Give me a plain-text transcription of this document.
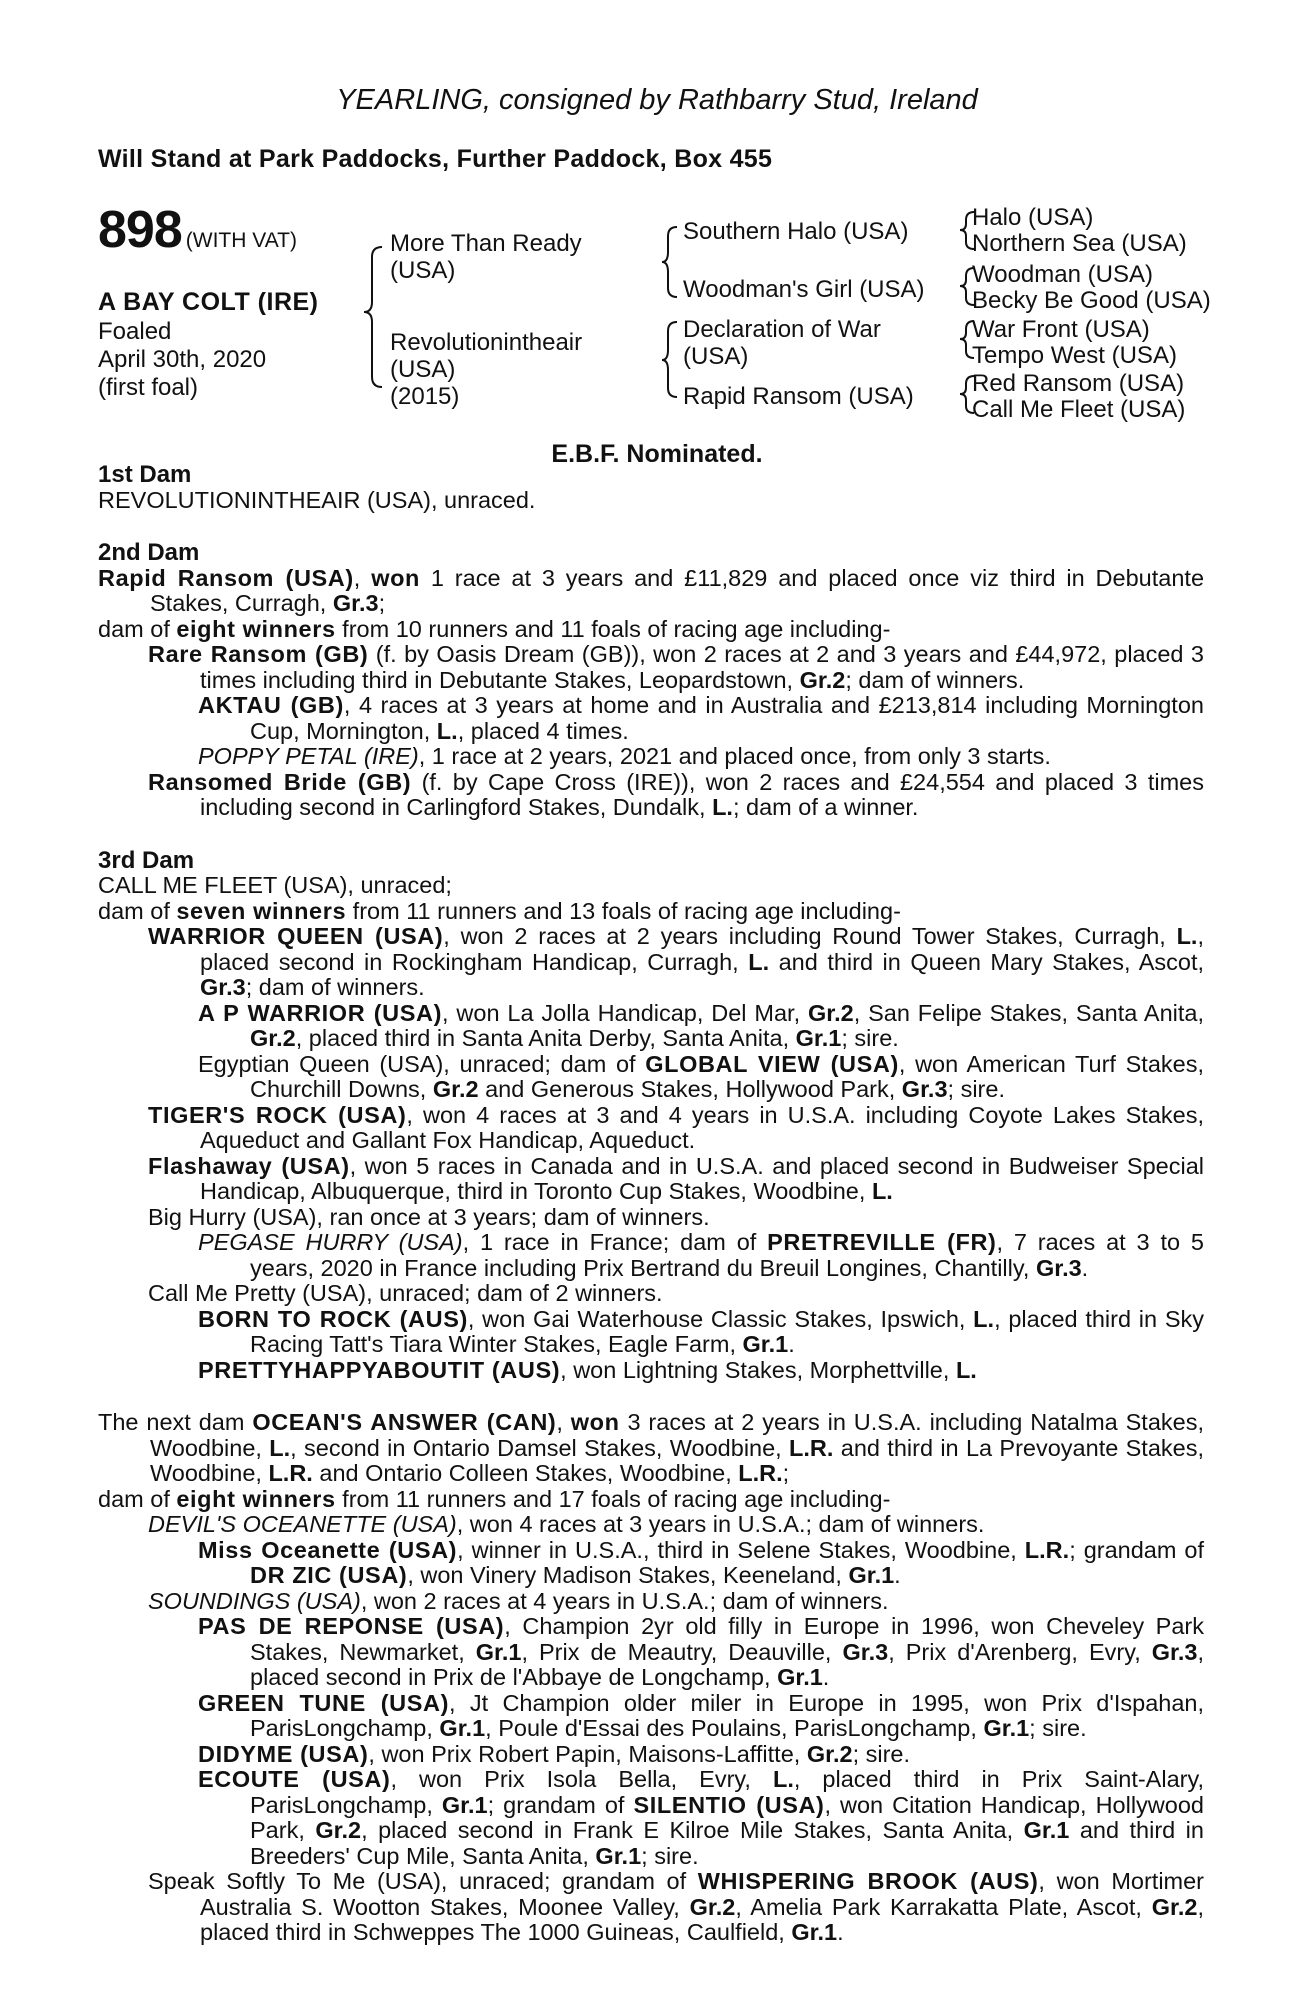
YEARLING, consigned by Rathbarry Stud, Ireland
Will Stand at Park Paddocks, Further Paddock, Box 455
898 (WITH VAT)
A BAY COLT (IRE)
Foaled
April 30th, 2020
(first foal)
More Than Ready
(USA)
Revolutionintheair
(USA)
(2015)
Southern Halo (USA)
Woodman's Girl (USA)
Declaration of War
(USA)
Rapid Ransom (USA)
Halo (USA)
Northern Sea (USA)
Woodman (USA)
Becky Be Good (USA)
War Front (USA)
Tempo West (USA)
Red Ransom (USA)
Call Me Fleet (USA)
E.B.F. Nominated.

1st Dam

REVOLUTIONINTHEAIR (USA), unraced.

2nd Dam

Rapid Ransom (USA), won 1 race at 3 years and £11,829 and placed once viz third in Debutante Stakes, Curragh, Gr.3;

dam of eight winners from 10 runners and 11 foals of racing age including-

Rare Ransom (GB) (f. by Oasis Dream (GB)), won 2 races at 2 and 3 years and £44,972, placed 3 times including third in Debutante Stakes, Leopardstown, Gr.2; dam of winners.

AKTAU (GB), 4 races at 3 years at home and in Australia and £213,814 including Mornington Cup, Mornington, L., placed 4 times.

POPPY PETAL (IRE), 1 race at 2 years, 2021 and placed once, from only 3 starts.

Ransomed Bride (GB) (f. by Cape Cross (IRE)), won 2 races and £24,554 and placed 3 times including second in Carlingford Stakes, Dundalk, L.; dam of a winner.

3rd Dam

CALL ME FLEET (USA), unraced;

dam of seven winners from 11 runners and 13 foals of racing age including-

WARRIOR QUEEN (USA), won 2 races at 2 years including Round Tower Stakes, Curragh, L., placed second in Rockingham Handicap, Curragh, L. and third in Queen Mary Stakes, Ascot, Gr.3; dam of winners.

A P WARRIOR (USA), won La Jolla Handicap, Del Mar, Gr.2, San Felipe Stakes, Santa Anita, Gr.2, placed third in Santa Anita Derby, Santa Anita, Gr.1; sire.

Egyptian Queen (USA), unraced; dam of GLOBAL VIEW (USA), won American Turf Stakes, Churchill Downs, Gr.2 and Generous Stakes, Hollywood Park, Gr.3; sire.

TIGER'S ROCK (USA), won 4 races at 3 and 4 years in U.S.A. including Coyote Lakes Stakes, Aqueduct and Gallant Fox Handicap, Aqueduct.

Flashaway (USA), won 5 races in Canada and in U.S.A. and placed second in Budweiser Special Handicap, Albuquerque, third in Toronto Cup Stakes, Woodbine, L.

Big Hurry (USA), ran once at 3 years; dam of winners.

PEGASE HURRY (USA), 1 race in France; dam of PRETREVILLE (FR), 7 races at 3 to 5 years, 2020 in France including Prix Bertrand du Breuil Longines, Chantilly, Gr.3.

Call Me Pretty (USA), unraced; dam of 2 winners.

BORN TO ROCK (AUS), won Gai Waterhouse Classic Stakes, Ipswich, L., placed third in Sky Racing Tatt's Tiara Winter Stakes, Eagle Farm, Gr.1.

PRETTYHAPPYABOUTIT (AUS), won Lightning Stakes, Morphettville, L.

The next dam OCEAN'S ANSWER (CAN), won 3 races at 2 years in U.S.A. including Natalma Stakes, Woodbine, L., second in Ontario Damsel Stakes, Woodbine, L.R. and third in La Prevoyante Stakes, Woodbine, L.R. and Ontario Colleen Stakes, Woodbine, L.R.;

dam of eight winners from 11 runners and 17 foals of racing age including-

DEVIL'S OCEANETTE (USA), won 4 races at 3 years in U.S.A.; dam of winners.

Miss Oceanette (USA), winner in U.S.A., third in Selene Stakes, Woodbine, L.R.; grandam of DR ZIC (USA), won Vinery Madison Stakes, Keeneland, Gr.1.

SOUNDINGS (USA), won 2 races at 4 years in U.S.A.; dam of winners.

PAS DE REPONSE (USA), Champion 2yr old filly in Europe in 1996, won Cheveley Park Stakes, Newmarket, Gr.1, Prix de Meautry, Deauville, Gr.3, Prix d'Arenberg, Evry, Gr.3, placed second in Prix de l'Abbaye de Longchamp, Gr.1.

GREEN TUNE (USA), Jt Champion older miler in Europe in 1995, won Prix d'Ispahan, ParisLongchamp, Gr.1, Poule d'Essai des Poulains, ParisLongchamp, Gr.1; sire.

DIDYME (USA), won Prix Robert Papin, Maisons-Laffitte, Gr.2; sire.

ECOUTE (USA), won Prix Isola Bella, Evry, L., placed third in Prix Saint-Alary, ParisLongchamp, Gr.1; grandam of SILENTIO (USA), won Citation Handicap, Hollywood Park, Gr.2, placed second in Frank E Kilroe Mile Stakes, Santa Anita, Gr.1 and third in Breeders' Cup Mile, Santa Anita, Gr.1; sire.

Speak Softly To Me (USA), unraced; grandam of WHISPERING BROOK (AUS), won Mortimer Australia S. Wootton Stakes, Moonee Valley, Gr.2, Amelia Park Karrakatta Plate, Ascot, Gr.2, placed third in Schweppes The 1000 Guineas, Caulfield, Gr.1.
